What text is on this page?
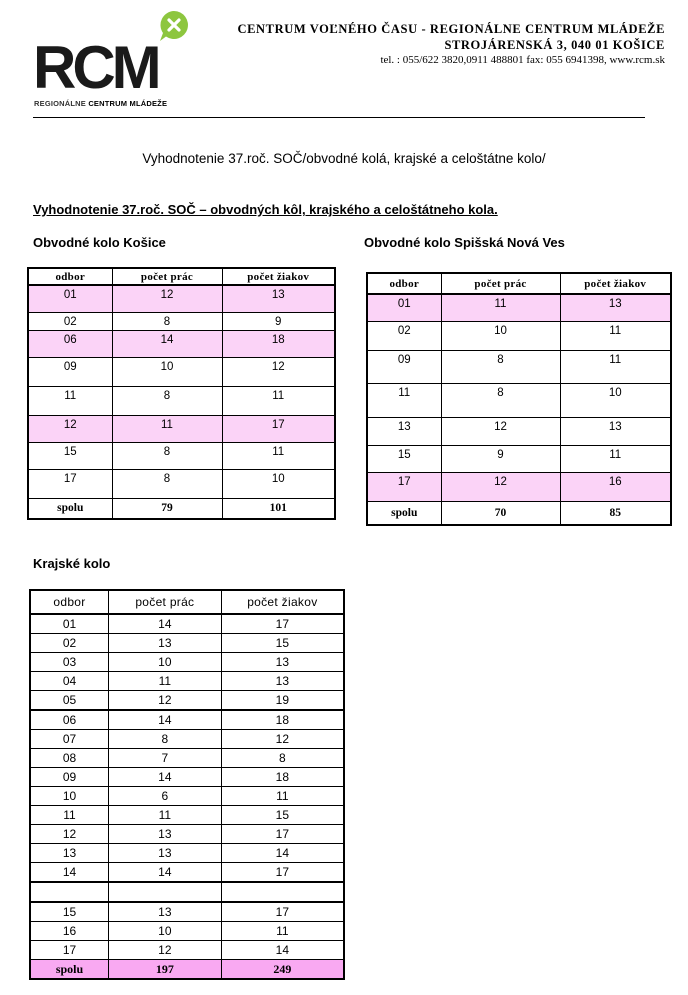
RCM
REGIONÁLNE CENTRUM MLÁDEŽE
CENTRUM VOĽNÉHO ČASU - REGIONÁLNE CENTRUM MLÁDEŽE
STROJÁRENSKÁ 3, 040 01 KOŠICE
tel. : 055/622 3820,0911 488801 fax: 055 6941398, www.rcm.sk
Vyhodnotenie 37.roč. SOČ/obvodné kolá, krajské a celoštátne kolo/
Vyhodnotenie 37.roč. SOČ – obvodných kôl, krajského a celoštátneho kola.
Obvodné kolo Košice
odbor	počet prác	počet žiakov
01	12	13
02	8	9
06	14	18
09	10	12
11	8	11
12	11	17
15	8	11
17	8	10
spolu	79	101
Obvodné kolo Spišská Nová Ves
odbor	počet prác	počet žiakov
01	11	13
02	10	11
09	8	11
11	8	10
13	12	13
15	9	11
17	12	16
spolu	70	85
Krajské kolo
odbor	počet prác	počet žiakov
01	14	17
02	13	15
03	10	13
04	11	13
05	12	19
06	14	18
07	8	12
08	7	8
09	14	18
10	6	11
11	11	15
12	13	17
13	13	14
14	14	17

15	13	17
16	10	11
17	12	14
spolu	197	249
